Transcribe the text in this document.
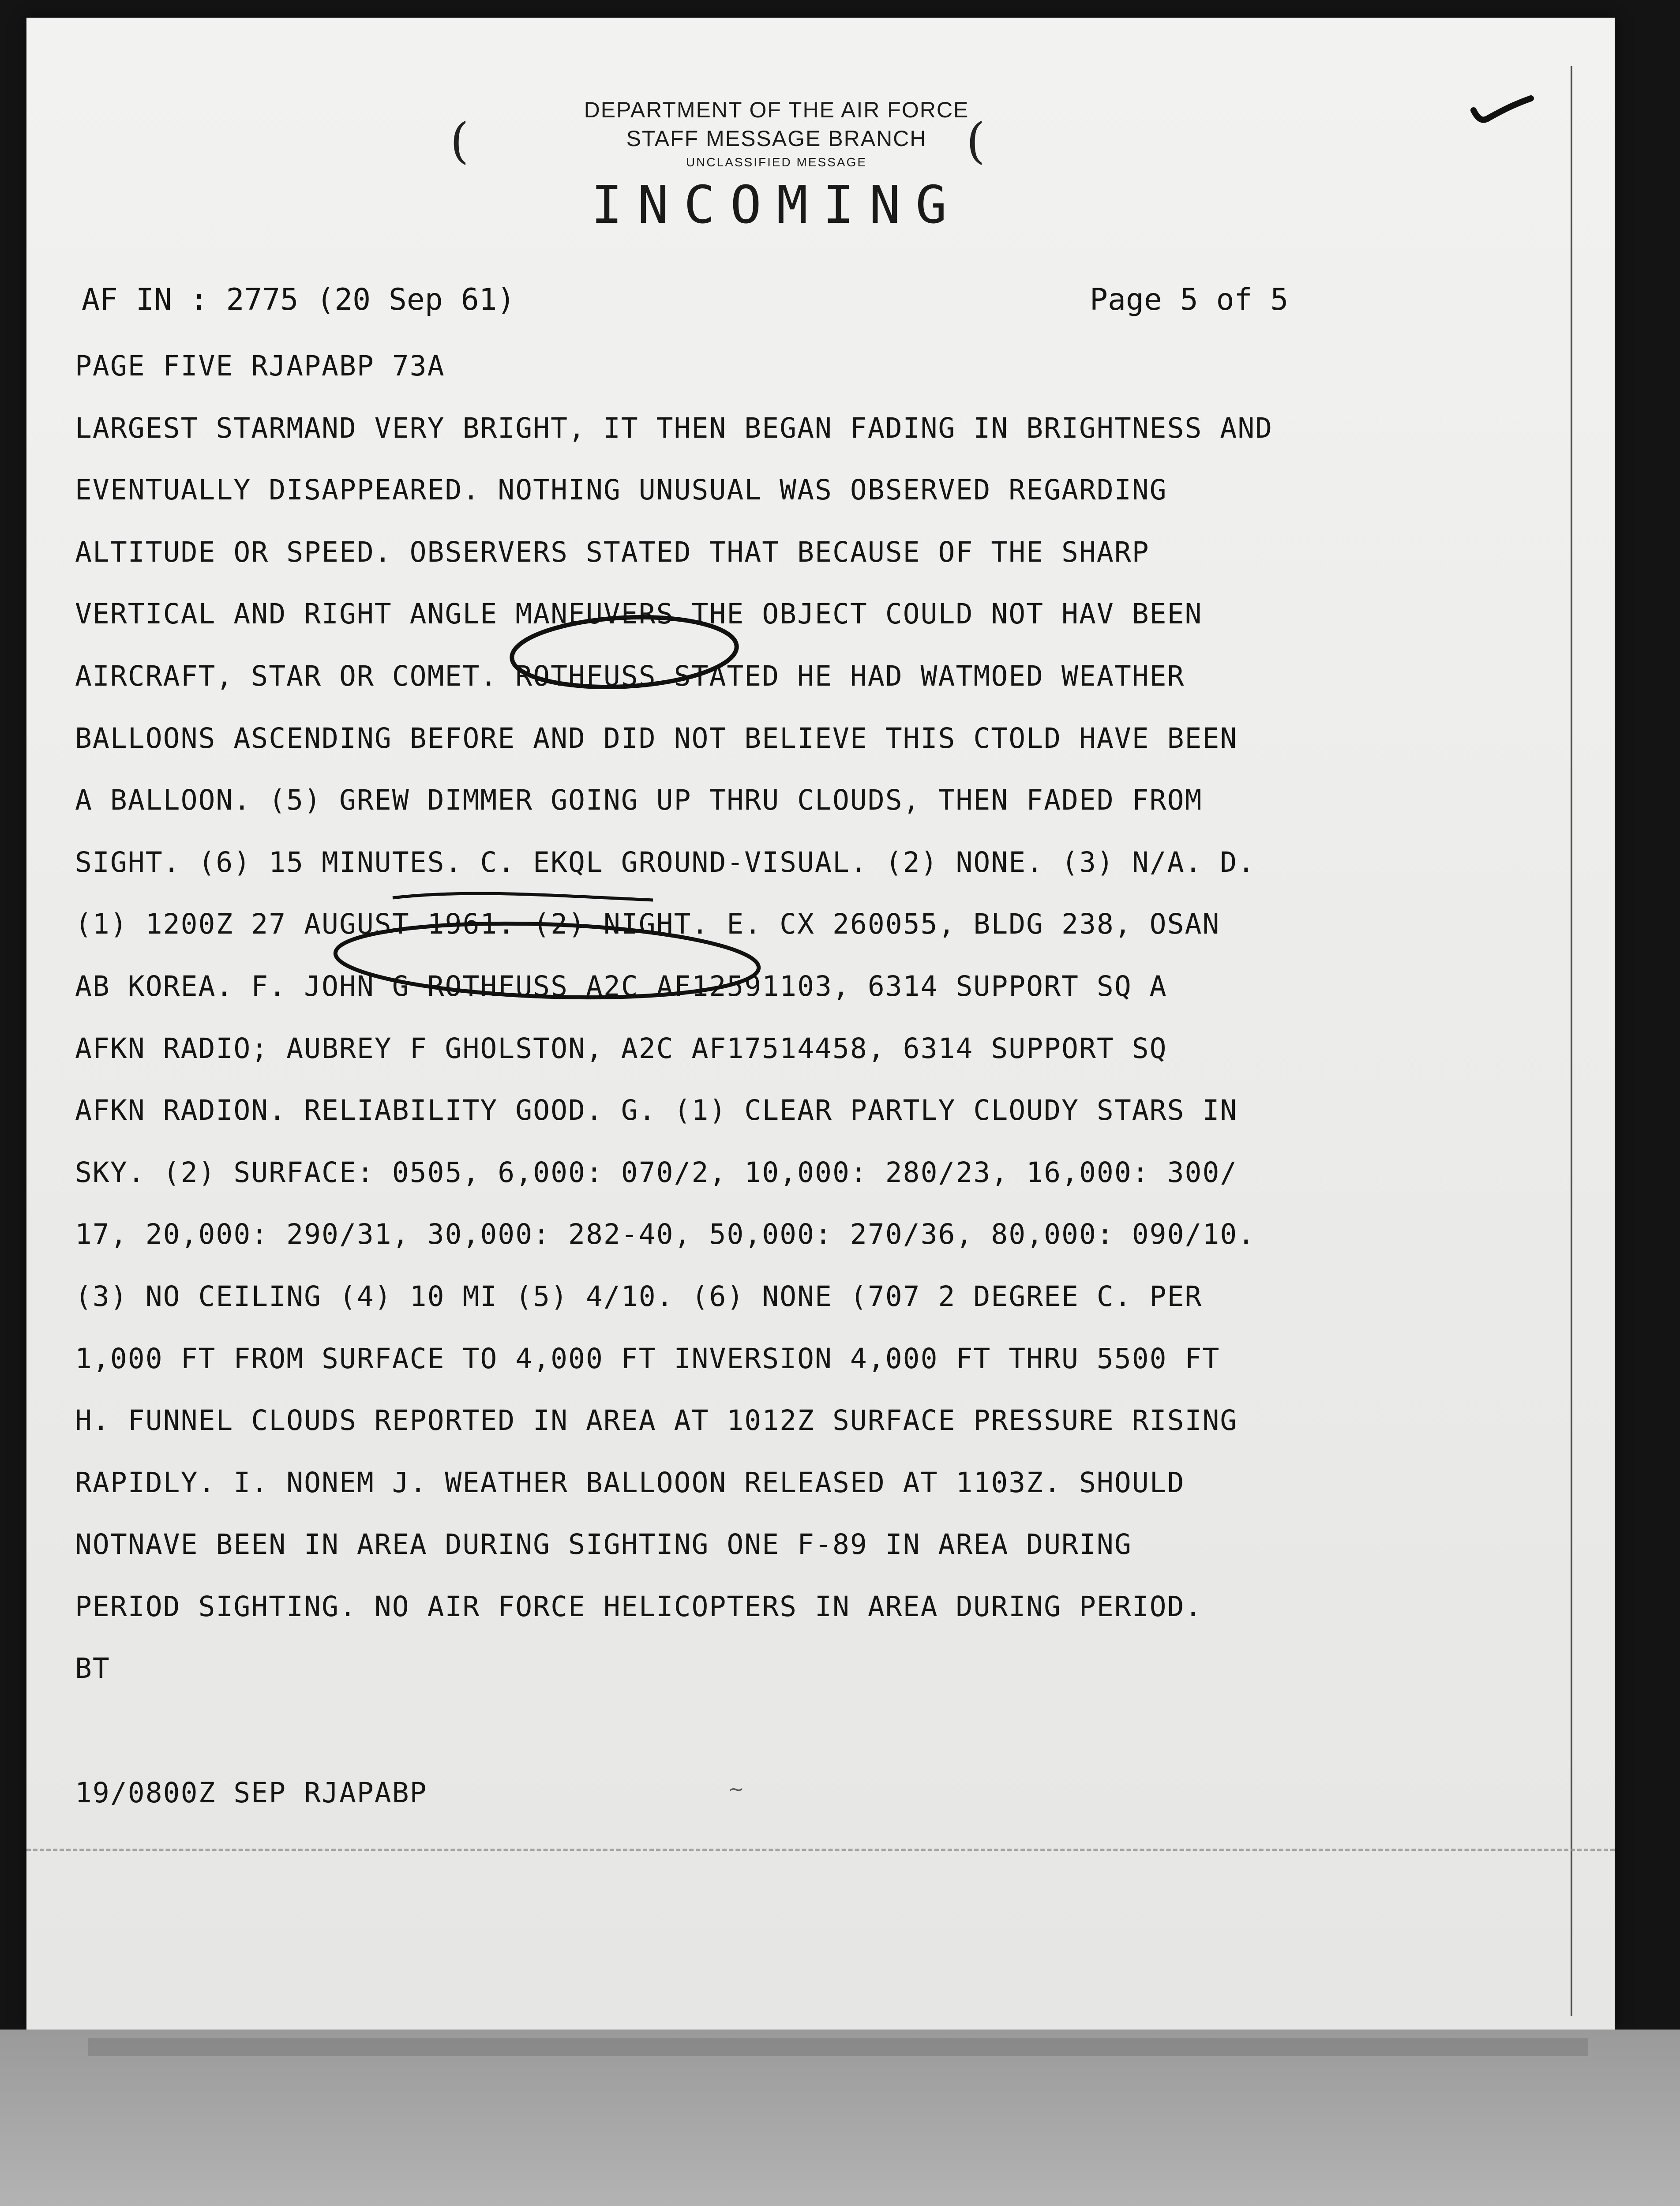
(	(
DEPARTMENT OF THE AIR FORCE
STAFF MESSAGE BRANCH
UNCLASSIFIED MESSAGE
INCOMING
AF IN : 2775 (20 Sep 61)	Page 5 of 5
PAGE FIVE RJAPABP 73A
LARGEST STARMAND VERY BRIGHT, IT THEN BEGAN FADING IN BRIGHTNESS AND
EVENTUALLY DISAPPEARED. NOTHING UNUSUAL WAS OBSERVED REGARDING
ALTITUDE OR SPEED. OBSERVERS STATED THAT BECAUSE OF THE SHARP
VERTICAL AND RIGHT ANGLE MANEUVERS THE OBJECT COULD NOT HAV BEEN
AIRCRAFT, STAR OR COMET. ROTHFUSS STATED HE HAD WATMOED WEATHER
BALLOONS ASCENDING BEFORE AND DID NOT BELIEVE THIS CTOLD HAVE BEEN
A BALLOON. (5) GREW DIMMER GOING UP THRU CLOUDS, THEN FADED FROM
SIGHT. (6) 15 MINUTES. C. EKQL GROUND-VISUAL. (2) NONE. (3) N/A. D.
(1) 1200Z 27 AUGUST 1961. (2) NIGHT. E. CX 260055, BLDG 238, OSAN
AB KOREA. F. JOHN G ROTHFUSS A2C AF12591103, 6314 SUPPORT SQ A
AFKN RADIO; AUBREY F GHOLSTON, A2C AF17514458, 6314 SUPPORT SQ
AFKN RADION. RELIABILITY GOOD. G. (1) CLEAR PARTLY CLOUDY STARS IN
SKY. (2) SURFACE: 0505, 6,000: 070/2, 10,000: 280/23, 16,000: 300/
17, 20,000: 290/31, 30,000: 282-40, 50,000: 270/36, 80,000: 090/10.
(3) NO CEILING (4) 10 MI (5) 4/10. (6) NONE (707 2 DEGREE C. PER
1,000 FT FROM SURFACE TO 4,000 FT INVERSION 4,000 FT THRU 5500 FT
H. FUNNEL CLOUDS REPORTED IN AREA AT 1012Z SURFACE PRESSURE RISING
RAPIDLY. I. NONEM J. WEATHER BALLOOON RELEASED AT 1103Z. SHOULD
NOTNAVE BEEN IN AREA DURING SIGHTING ONE F-89 IN AREA DURING
PERIOD SIGHTING. NO AIR FORCE HELICOPTERS IN AREA DURING PERIOD.
BT
19/0800Z SEP RJAPABP	~
